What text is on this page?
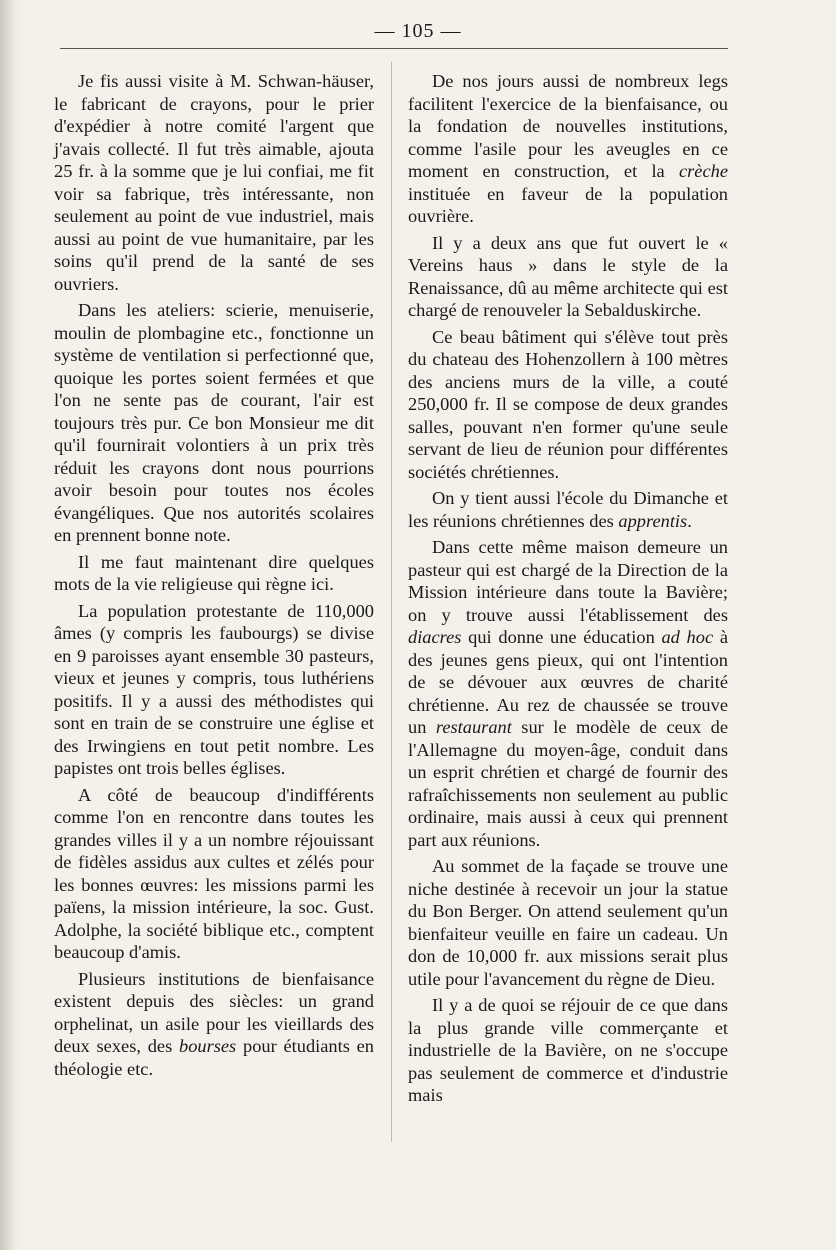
— 105 —

Je fis aussi visite à M. Schwan-häuser, le fabricant de crayons, pour le prier d'expédier à notre comité l'argent que j'avais collecté. Il fut très aimable, ajouta 25 fr. à la somme que je lui confiai, me fit voir sa fabrique, très intéressante, non seulement au point de vue industriel, mais aussi au point de vue humanitaire, par les soins qu'il prend de la santé de ses ouvriers.

Dans les ateliers: scierie, menuiserie, moulin de plombagine etc., fonctionne un système de ventilation si perfectionné que, quoique les portes soient fermées et que l'on ne sente pas de courant, l'air est toujours très pur. Ce bon Monsieur me dit qu'il fournirait volontiers à un prix très réduit les crayons dont nous pourrions avoir besoin pour toutes nos écoles évangéliques. Que nos autorités scolaires en prennent bonne note.

Il me faut maintenant dire quelques mots de la vie religieuse qui règne ici.

La population protestante de 110,000 âmes (y compris les faubourgs) se divise en 9 paroisses ayant ensemble 30 pasteurs, vieux et jeunes y compris, tous luthériens positifs. Il y a aussi des méthodistes qui sont en train de se construire une église et des Irwingiens en tout petit nombre. Les papistes ont trois belles églises.

A côté de beaucoup d'indifférents comme l'on en rencontre dans toutes les grandes villes il y a un nombre réjouissant de fidèles assidus aux cultes et zélés pour les bonnes œuvres: les missions parmi les païens, la mission intérieure, la soc. Gust. Adolphe, la société biblique etc., comptent beaucoup d'amis.

Plusieurs institutions de bienfaisance existent depuis des siècles: un grand orphelinat, un asile pour les vieillards des deux sexes, des bourses pour étudiants en théologie etc.

De nos jours aussi de nombreux legs facilitent l'exercice de la bienfaisance, ou la fondation de nouvelles institutions, comme l'asile pour les aveugles en ce moment en construction, et la crèche instituée en faveur de la population ouvrière.

Il y a deux ans que fut ouvert le « Vereins haus » dans le style de la Renaissance, dû au même architecte qui est chargé de renouveler la Sebalduskirche.

Ce beau bâtiment qui s'élève tout près du chateau des Hohenzollern à 100 mètres des anciens murs de la ville, a couté 250,000 fr. Il se compose de deux grandes salles, pouvant n'en former qu'une seule servant de lieu de réunion pour différentes sociétés chrétiennes.

On y tient aussi l'école du Dimanche et les réunions chrétiennes des apprentis.

Dans cette même maison demeure un pasteur qui est chargé de la Direction de la Mission intérieure dans toute la Bavière; on y trouve aussi l'établissement des diacres qui donne une éducation ad hoc à des jeunes gens pieux, qui ont l'intention de se dévouer aux œuvres de charité chrétienne. Au rez de chaussée se trouve un restaurant sur le modèle de ceux de l'Allemagne du moyen-âge, conduit dans un esprit chrétien et chargé de fournir des rafraîchissements non seulement au public ordinaire, mais aussi à ceux qui prennent part aux réunions.

Au sommet de la façade se trouve une niche destinée à recevoir un jour la statue du Bon Berger. On attend seulement qu'un bienfaiteur veuille en faire un cadeau. Un don de 10,000 fr. aux missions serait plus utile pour l'avancement du règne de Dieu.

Il y a de quoi se réjouir de ce que dans la plus grande ville commerçante et industrielle de la Bavière, on ne s'occupe pas seulement de commerce et d'industrie mais
